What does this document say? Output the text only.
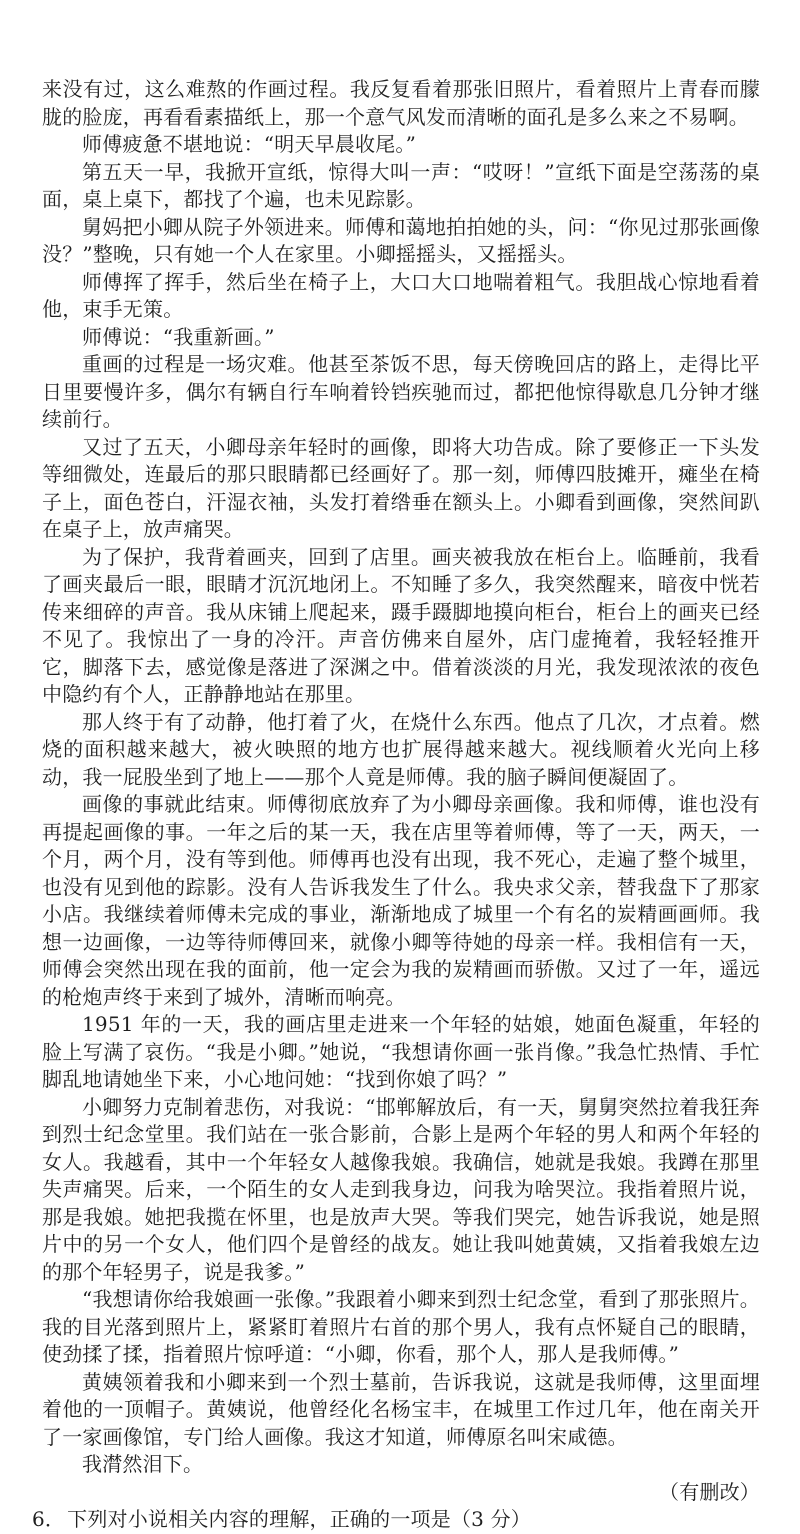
来没有过，这么难熬的作画过程。我反复看着那张旧照片，看着照片上青春而朦胧的脸庞，再看看素描纸上，那一个意气风发而清晰的面孔是多么来之不易啊。

师傅疲惫不堪地说：“明天早晨收尾。”

第五天一早，我掀开宣纸，惊得大叫一声：“哎呀！”宣纸下面是空荡荡的桌面，桌上桌下，都找了个遍，也未见踪影。

舅妈把小卿从院子外领进来。师傅和蔼地拍拍她的头，问：“你见过那张画像没？”整晚，只有她一个人在家里。小卿摇摇头，又摇摇头。

师傅挥了挥手，然后坐在椅子上，大口大口地喘着粗气。我胆战心惊地看着他，束手无策。

师傅说：“我重新画。”

重画的过程是一场灾难。他甚至茶饭不思，每天傍晚回店的路上，走得比平日里要慢许多，偶尔有辆自行车响着铃铛疾驰而过，都把他惊得歇息几分钟才继续前行。

又过了五天，小卿母亲年轻时的画像，即将大功告成。除了要修正一下头发等细微处，连最后的那只眼睛都已经画好了。那一刻，师傅四肢摊开，瘫坐在椅子上，面色苍白，汗湿衣袖，头发打着绺垂在额头上。小卿看到画像，突然间趴在桌子上，放声痛哭。

为了保护，我背着画夹，回到了店里。画夹被我放在柜台上。临睡前，我看了画夹最后一眼，眼睛才沉沉地闭上。不知睡了多久，我突然醒来，暗夜中恍若传来细碎的声音。我从床铺上爬起来，蹑手蹑脚地摸向柜台，柜台上的画夹已经不见了。我惊出了一身的冷汗。声音仿佛来自屋外，店门虚掩着，我轻轻推开它，脚落下去，感觉像是落进了深渊之中。借着淡淡的月光，我发现浓浓的夜色中隐约有个人，正静静地站在那里。

那人终于有了动静，他打着了火，在烧什么东西。他点了几次，才点着。燃烧的面积越来越大，被火映照的地方也扩展得越来越大。视线顺着火光向上移动，我一屁股坐到了地上——那个人竟是师傅。我的脑子瞬间便凝固了。

画像的事就此结束。师傅彻底放弃了为小卿母亲画像。我和师傅，谁也没有再提起画像的事。一年之后的某一天，我在店里等着师傅，等了一天，两天，一个月，两个月，没有等到他。师傅再也没有出现，我不死心，走遍了整个城里，也没有见到他的踪影。没有人告诉我发生了什么。我央求父亲，替我盘下了那家小店。我继续着师傅未完成的事业，渐渐地成了城里一个有名的炭精画画师。我想一边画像，一边等待师傅回来，就像小卿等待她的母亲一样。我相信有一天，师傅会突然出现在我的面前，他一定会为我的炭精画而骄傲。又过了一年，遥远的枪炮声终于来到了城外，清晰而响亮。

1951 年的一天，我的画店里走进来一个年轻的姑娘，她面色凝重，年轻的脸上写满了哀伤。“我是小卿。”她说，“我想请你画一张肖像。”我急忙热情、手忙脚乱地请她坐下来，小心地问她：“找到你娘了吗？”

小卿努力克制着悲伤，对我说：“邯郸解放后，有一天，舅舅突然拉着我狂奔到烈士纪念堂里。我们站在一张合影前，合影上是两个年轻的男人和两个年轻的女人。我越看，其中一个年轻女人越像我娘。我确信，她就是我娘。我蹲在那里失声痛哭。后来，一个陌生的女人走到我身边，问我为啥哭泣。我指着照片说，那是我娘。她把我揽在怀里，也是放声大哭。等我们哭完，她告诉我说，她是照片中的另一个女人，他们四个是曾经的战友。她让我叫她黄姨，又指着我娘左边的那个年轻男子，说是我爹。”

“我想请你给我娘画一张像。”我跟着小卿来到烈士纪念堂，看到了那张照片。我的目光落到照片上，紧紧盯着照片右首的那个男人，我有点怀疑自己的眼睛，使劲揉了揉，指着照片惊呼道：“小卿，你看，那个人，那人是我师傅。”

黄姨领着我和小卿来到一个烈士墓前，告诉我说，这就是我师傅，这里面埋着他的一顶帽子。黄姨说，他曾经化名杨宝丰，在城里工作过几年，他在南关开了一家画像馆，专门给人画像。我这才知道，师傅原名叫宋咸德。

我潸然泪下。

（有删改）

6． 下列对小说相关内容的理解，正确的一项是（3 分）
